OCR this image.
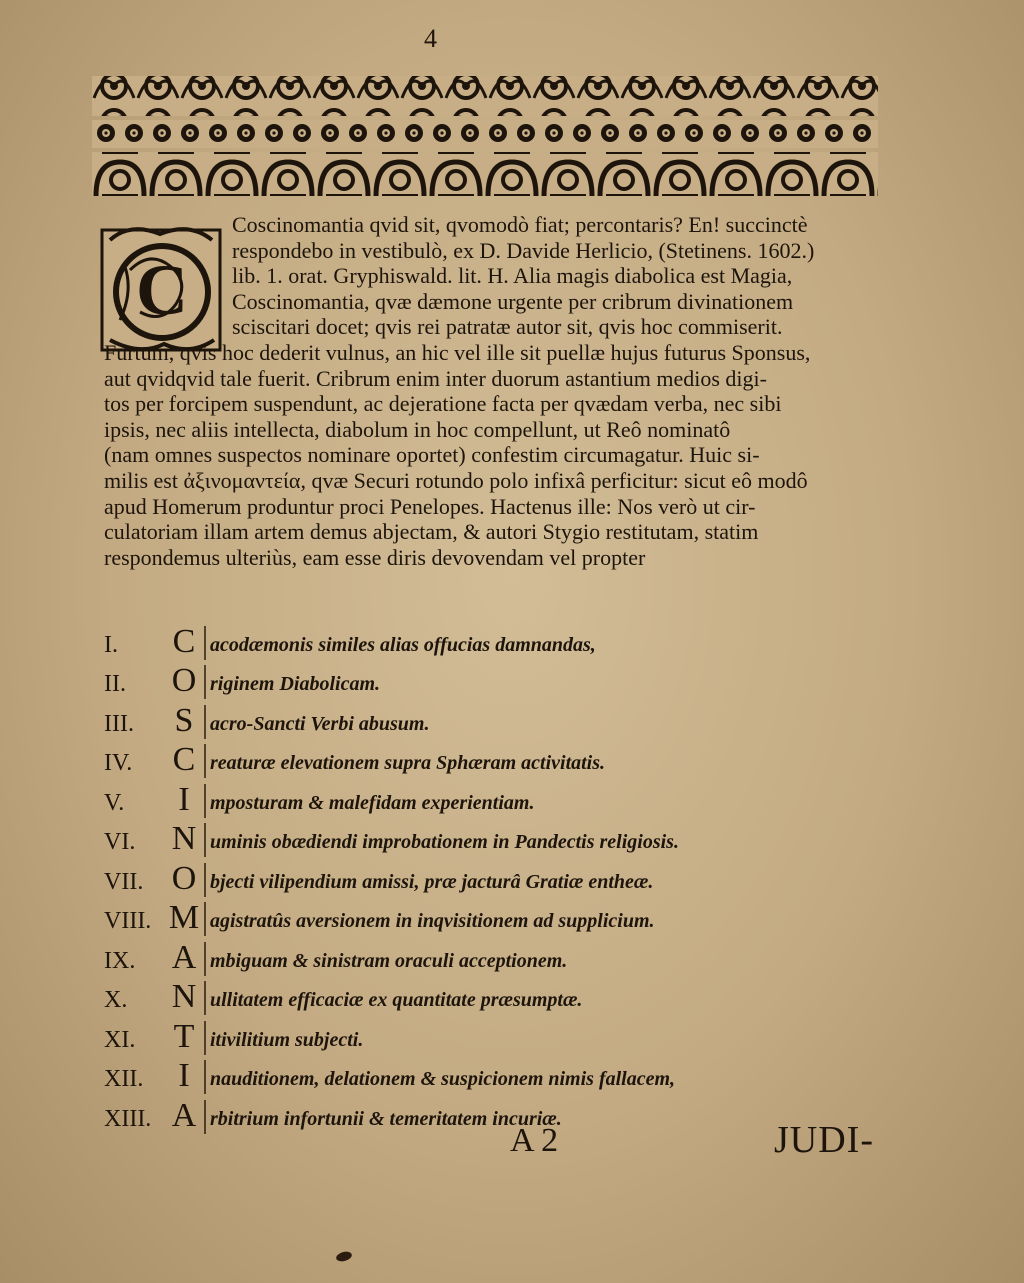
4
C

Coscinomantia qvid sit, qvomodò fiat; percontaris? En! succinctè

respondebo in vestibulò, ex D. Davide Herlicio, (Stetinens. 1602.)

lib. 1. orat. Gryphiswald. lit. H. Alia magis diabolica est Magia,

Coscinomantia, qvæ dæmone urgente per cribrum divinationem

sciscitari docet; qvis rei patratæ autor sit, qvis hoc commiserit.

Furtum, qvis hoc dederit vulnus, an hic vel ille sit puellæ hujus futurus Sponsus,

aut qvidqvid tale fuerit. Cribrum enim inter duorum astantium medios digi-

tos per forcipem suspendunt, ac dejeratione facta per qvædam verba, nec sibi

ipsis, nec aliis intellecta, diabolum in hoc compellunt, ut Reô nominatô

(nam omnes suspectos nominare oportet) confestim circumagatur. Huic si-

milis est ἀξινομαντεία, qvæ Securi rotundo polo infixâ perficitur: sicut eô modô

apud Homerum produntur proci Penelopes. Hactenus ille: Nos verò ut cir-

culatoriam illam artem demus abjectam, & autori Stygio restitutam, statim

respondemus ulteriùs, eam esse diris devovendam vel propter

I.	C acodæmonis similes alias offucias damnandas,
II.	O riginem Diabolicam.
III.	S acro-Sancti Verbi abusum.
IV.	C reaturæ elevationem supra Sphæram activitatis.
V.	I	mposturam & malefidam experientiam.
VI.	N uminis obædiendi improbationem in Pandectis religiosis.
VII. O bjecti vilipendium amissi, præ jacturâ Gratiæ entheæ.
VIII. M agistratûs aversionem in inqvisitionem ad supplicium.
IX.	A mbiguam & sinistram oraculi acceptionem.
X.	N ullitatem efficaciæ ex quantitate præsumptæ.
XI.	T itivilitium subjecti.
XII.	I	nauditionem, delationem & suspicionem nimis fallacem,
XIII. A rbitrium infortunii & temeritatem incuriæ.
A 2	JUDI-
